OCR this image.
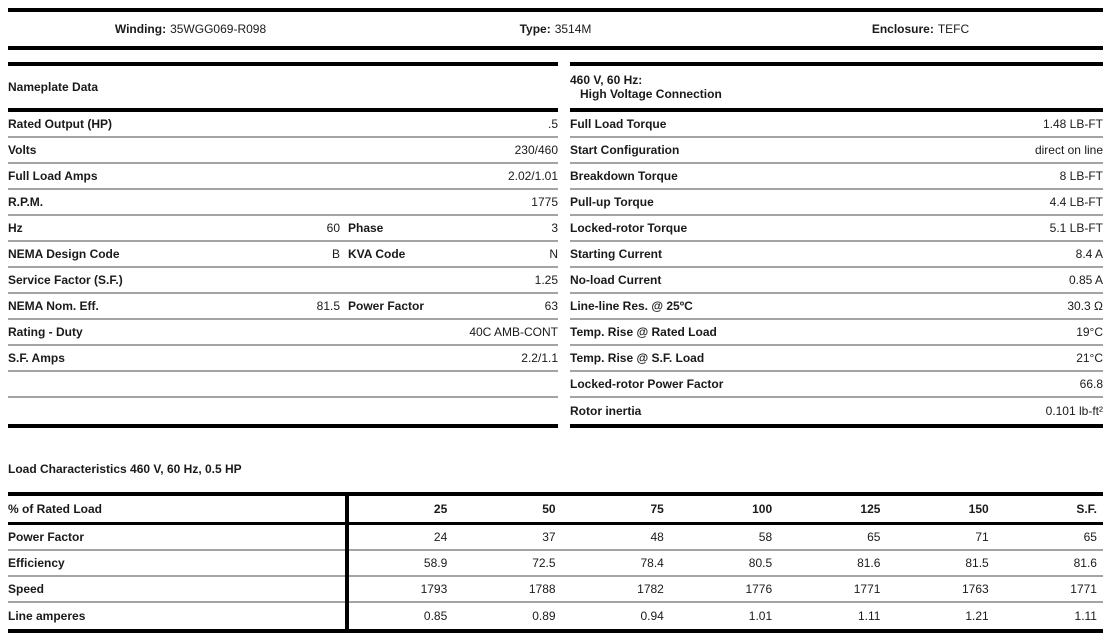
Winding: 35WGG069-R098	Type: 3514M	Enclosure: TEFC
Nameplate Data
Rated Output (HP)	.5
Volts	230/460
Full Load Amps	2.02/1.01
R.P.M.	1775
Hz	60 Phase	3
NEMA Design Code	B KVA Code	N
Service Factor (S.F.)	1.25
NEMA Nom. Eff.	81.5 Power Factor	63
Rating - Duty	40C AMB-CONT
S.F. Amps	2.2/1.1
460 V, 60 Hz:
High Voltage Connection
Full Load Torque	1.48 LB-FT
Start Configuration	direct on line
Breakdown Torque	8 LB-FT
Pull-up Torque	4.4 LB-FT
Locked-rotor Torque	5.1 LB-FT
Starting Current	8.4 A
No-load Current	0.85 A
Line-line Res. @ 25ºC	30.3 Ω
Temp. Rise @ Rated Load	19°C
Temp. Rise @ S.F. Load	21°C
Locked-rotor Power Factor	66.8
Rotor inertia	0.101 lb-ft²
Load Characteristics 460 V, 60 Hz, 0.5 HP
% of Rated Load	25	50	75	100	125	150	S.F.
Power Factor	24	37	48	58	65	71	65
Efficiency	58.9	72.5	78.4	80.5	81.6	81.5	81.6
Speed	1793	1788	1782	1776	1771	1763	1771
Line amperes	0.85	0.89	0.94	1.01	1.11	1.21	1.11
